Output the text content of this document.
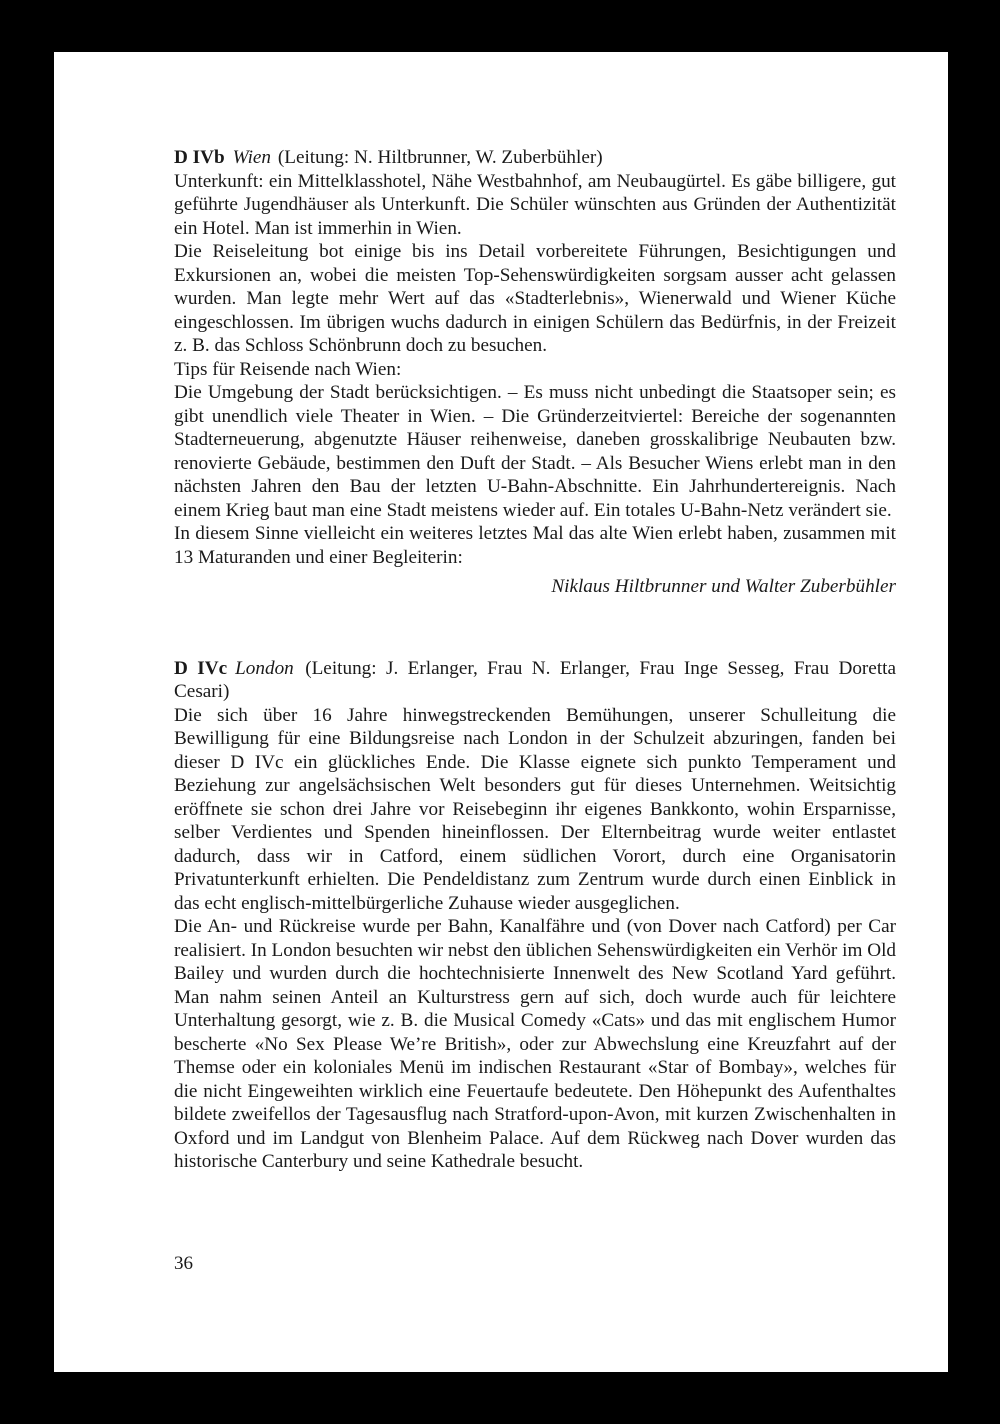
D IVb Wien (Leitung: N. Hiltbrunner, W. Zuberbühler)

Unterkunft: ein Mittelklasshotel, Nähe Westbahnhof, am Neubaugürtel. Es gäbe billigere, gut geführte Jugendhäuser als Unterkunft. Die Schüler wünschten aus Gründen der Authentizität ein Hotel. Man ist immerhin in Wien.

Die Reiseleitung bot einige bis ins Detail vorbereitete Führungen, Besichtigungen und Exkursionen an, wobei die meisten Top-Sehenswürdigkeiten sorgsam ausser acht gelassen wurden. Man legte mehr Wert auf das «Stadterlebnis», Wienerwald und Wiener Küche eingeschlossen. Im übrigen wuchs dadurch in einigen Schülern das Bedürfnis, in der Freizeit z. B. das Schloss Schönbrunn doch zu besuchen.

Tips für Reisende nach Wien:

Die Umgebung der Stadt berücksichtigen. – Es muss nicht unbedingt die Staatsoper sein; es gibt unendlich viele Theater in Wien. – Die Gründerzeitviertel: Bereiche der sogenannten Stadterneuerung, abgenutzte Häuser reihenweise, daneben grosskalibrige Neubauten bzw. renovierte Gebäude, bestimmen den Duft der Stadt. – Als Besucher Wiens erlebt man in den nächsten Jahren den Bau der letzten U-Bahn-Abschnitte. Ein Jahrhundertereignis. Nach einem Krieg baut man eine Stadt meistens wieder auf. Ein totales U-Bahn-Netz verändert sie.

In diesem Sinne vielleicht ein weiteres letztes Mal das alte Wien erlebt haben, zusammen mit 13 Maturanden und einer Begleiterin:

Niklaus Hiltbrunner und Walter Zuberbühler

D IVc London (Leitung: J. Erlanger, Frau N. Erlanger, Frau Inge Sesseg, Frau Doretta Cesari)

Die sich über 16 Jahre hinwegstreckenden Bemühungen, unserer Schulleitung die Bewilligung für eine Bildungsreise nach London in der Schulzeit abzuringen, fanden bei dieser D IVc ein glückliches Ende. Die Klasse eignete sich punkto Temperament und Beziehung zur angelsächsischen Welt besonders gut für dieses Unternehmen. Weitsichtig eröffnete sie schon drei Jahre vor Reisebeginn ihr eigenes Bankkonto, wohin Ersparnisse, selber Verdientes und Spenden hineinflossen. Der Elternbeitrag wurde weiter entlastet dadurch, dass wir in Catford, einem südlichen Vorort, durch eine Organisatorin Privatunterkunft erhielten. Die Pendeldistanz zum Zentrum wurde durch einen Einblick in das echt englisch-mittelbürgerliche Zuhause wieder ausgeglichen.

Die An- und Rückreise wurde per Bahn, Kanalfähre und (von Dover nach Catford) per Car realisiert. In London besuchten wir nebst den üblichen Sehenswürdigkeiten ein Verhör im Old Bailey und wurden durch die hochtechnisierte Innenwelt des New Scotland Yard geführt. Man nahm seinen Anteil an Kulturstress gern auf sich, doch wurde auch für leichtere Unterhaltung gesorgt, wie z. B. die Musical Comedy «Cats» und das mit englischem Humor bescherte «No Sex Please We’re British», oder zur Abwechslung eine Kreuzfahrt auf der Themse oder ein koloniales Menü im indischen Restaurant «Star of Bombay», welches für die nicht Eingeweihten wirklich eine Feuertaufe bedeutete. Den Höhepunkt des Aufenthaltes bildete zweifellos der Tagesausflug nach Stratford-upon-Avon, mit kurzen Zwischenhalten in Oxford und im Landgut von Blenheim Palace. Auf dem Rückweg nach Dover wurden das historische Canterbury und seine Kathedrale besucht.

36
